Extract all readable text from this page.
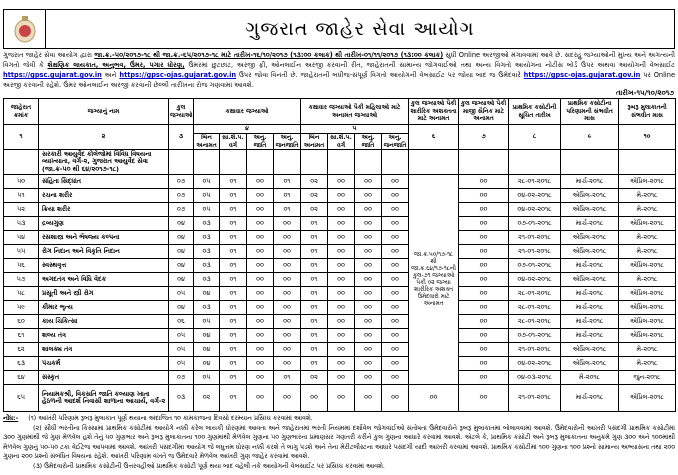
ગુજરાત જાહેર સેવા આયોગ
ગુજરાત જાહેર સેવા આયોગ દ્વારા જા.ક્ર.-૫૦/૨૦૧૭-૧૮ થી જા.ક્ર.-૬૫/૨૦૧૭-૧૮ માટે તારીખ-૧૬/૧૦/૨૦૧૭ (૧૩:૦૦ કલાક) થી તારીખ-૦૧/૧૧/૨૦૧૭ (૧૩:૦૦ કલાક) સુધી Online અરજીઓ મંગાવવામાં આવે છે. સદરહુ જગ્યાઓની મુખ્ય અને અગત્યની વિગતો જેવી કે શૈક્ષણિક લાયકાત, અનુભવ, ઉંમર, પગાર ધોરણ, ઉંમરમાં છુટછાટ, અરજી ફી, ઓનલાઈન અરજી કરવાની રીત, જાહેરાતની સામાન્ય જોગવાઈઓ તથા અન્ય વિગતો આયોગના નોટીસ બોર્ડ ઉપર અથવા આયોગની વેબસાઈટ https://gpsc.gujarat.gov.in અને https://gpsc-ojas.gujarat.gov.in ઉપર જોવા વિનંતી છે. જાહેરાતની બધીજ-સંપૂર્ણ વિગતો આયોગની વેબસાઈટ પર જોયા બાદ જ ઉમેદવારે https://gpsc-ojas.gujarat.gov.in પર Online અરજી કરવાની રહેશે. ઉંમર ઓનલાઈન અરજી કરવાની છેલ્લી તારીખના રોજ ગણવામાં આવશે.
તારીખ-૧૫/૧૦/૨૦૧૭
જાહેરાત ક્રમાંક	જગ્યાનું નામ	કુલ જગ્યાઓ	કક્ષાવાર જગ્યાઓ				કક્ષાવાર જગ્યાઓ પૈકી મહિલાઓ માટે અનામત જગ્યાઓ				કુલ જગ્યાઓ પૈકી શારીરિક અશક્તતા માટે અનામત	કુલ જગ્યાઓ પૈકી માજી સૈનિક માટે અનામત	પ્રાથમિક કસોટીની સૂચિત તારીખ	પ્રાથમિક કસોટીના પરિણામની સંભવીત માસ	રૂબરૂ મુલાકાતની સંભવીત માસ	

૧	૨	૩	૪				૫				૬	૭	૮	૯	૧૦	
			બિન અનામત	સા.શૈ.પ. વર્ગ	અનુ. જાતિ	અનુ. જનજાતિ	બિન અનામત	સા.શૈ.પ. વર્ગ	અનુ. જાતિ	અનુ. જનજાતિ						
	સરકારી આયુર્વેદ કોલેજોમાં વિવિધ વિષયના વ્યાખ્યાતા, વર્ગ-૨, ગુજરાત આયુર્વેદ સેવા (જા.ક્ર-૫૦ થી ૬૪/૨૦૧૭-૧૮)															
૫૦	સંહિતા સિદ્ધાંત	૦૭	૦૫	૦૧	૦૦	૦૧	૦૨	૦૦	૦૦	૦૦	જા.ક્ર.૫૦/૧૭-૧૮ થી જા.ક્ર.૬૪/૧૭-૧૮ની કુલ-૭૧ જગ્યાઓ પૈકી ૦૨ જગ્યા શારીરિક અશક્ત ઉમેદવારો માટે અનામત	૦૦	૨૮-૦૧-૨૦૧૮	માર્ચ-૨૦૧૮	એપ્રિલ-૨૦૧૮	
૫૧	રચના શરીર	૦૭	૦૫	૦૧	૦૦	૦૧	૦૨	૦૦	૦૦	૦૦		૦૦	૦૪-૦૨-૨૦૧૮	એપ્રિલ-૨૦૧૮	મે-૨૦૧૮	
૫૨	ક્રિયા શરીર	૦૭	૦૫	૦૧	૦૦	૦૧	૦૨	૦૦	૦૦	૦૦		૦૦	૦૪-૦૨-૨૦૧૮	એપ્રિલ-૨૦૧૮	મે-૨૦૧૮	
૫૩	દ્રવ્યગુણ	૦૪	૦૩	૦૧	૦૦	૦૦	૦૧	૦૦	૦૦	૦૦		૦૦	૦૭-૦૧-૨૦૧૮	માર્ચ-૨૦૧૮	એપ્રિલ-૨૦૧૮	
૫૪	રસશાસ્ત્ર અને ભૈષજ્ય કલ્પના	૦૪	૦૩	૦૧	૦૦	૦૦	૦૧	૦૦	૦૦	૦૦		૦૦	૨૧-૦૧-૨૦૧૮	એપ્રિલ-૨૦૧૮	મે-૨૦૧૮	
૫૫	રોગ નિદાન અને વિકૃતિ નિદાન	૦૪	૦૩	૦૧	૦૦	૦૦	૦૧	૦૦	૦૦	૦૦		૦૦	૨૧-૦૧-૨૦૧૮	એપ્રિલ-૨૦૧૮	મે-૨૦૧૮	
૫૬	સ્વસ્થવૃત્ત	૦૪	૦૩	૦૧	૦૦	૦૦	૦૧	૦૦	૦૦	૦૦		૦૦	૦૭-૦૧-૨૦૧૮	માર્ચ-૨૦૧૮	એપ્રિલ-૨૦૧૮	
૫૭	અગદતંત્ર અને વિધિ વૈદક	૦૪	૦૩	૦૧	૦૦	૦૦	૦૧	૦૦	૦૦	૦૦		૦૦	૦૪-૦૨-૨૦૧૮	એપ્રિલ-૨૦૧૮	મે-૨૦૧૮	
૫૮	પ્રસૂતી અને સ્ત્રી રોગ	૦૫	૦૪	૦૧	૦૦	૦૦	૦૧	૦૦	૦૦	૦૦		૦૦	૨૮-૦૧-૨૦૧૮	માર્ચ-૨૦૧૮	એપ્રિલ-૨૦૧૮	
૫૯	કૌમાર ભૃત્ય	૦૪	૦૩	૦૧	૦૦	૦૦	૦૧	૦૦	૦૦	૦૦		૦૦	૨૮-૦૧-૨૦૧૮	માર્ચ-૨૦૧૮	એપ્રિલ-૨૦૧૮	
૬૦	કાય ચિકિત્સા	૦૬	૦૫	૦૧	૦૦	૦૦	૦૧	૦૦	૦૦	૦૦		૦૦	૨૮-૦૧-૨૦૧૮	માર્ચ-૨૦૧૮	એપ્રિલ-૨૦૧૮	
૬૧	શલ્ય તંત્ર	૦૫	૦૪	૦૧	૦૦	૦૦	૦૧	૦૦	૦૦	૦૦		૦૦	૦૭-૦૧-૨૦૧૮	માર્ચ-૨૦૧૮	એપ્રિલ-૨૦૧૮	
૬૨	શાલક્ય તંત્ર	૦૫	૦૪	૦૧	૦૦	૦૦	૦૧	૦૦	૦૦	૦૦		૦૦	૨૧-૦૧-૨૦૧૮	એપ્રિલ-૨૦૧૮	મે-૨૦૧૮	
૬૩	પંચકર્મ	૦૫	૦૪	૦૧	૦૦	૦૦	૦૧	૦૦	૦૦	૦૦		૦૦	૦૪-૦૨-૨૦૧૮	એપ્રિલ-૨૦૧૮	મે-૨૦૧૮	
૬૪	સંસ્કૃત	૦૭	૦૫	૦૧	૦૦	૦૧	૦૨	૦૦	૦૦	૦૦		૦૦	૦૪-૦૩-૨૦૧૮	મે-૨૦૧૮	જુન-૨૦૧૮	
૬૫	નિયામકશ્રી, વિકસતિ જાતિ કલ્યાણ ખાતા હેઠળની આદર્શ નિવાસી શાળાના આચાર્ય, વર્ગ-૨	૦૩	૦૨	૦૧	૦૦	૦૦	૦૦	૦૦	૦૦	૦૦	૦૦	૦૦	૨૧-૦૧-૨૦૧૮	માર્ચ-૨૦૧૮	એપ્રિલ-૨૦૧૮	

નોંધ:- (૧) આખરી પરિણામ રૂબરૂ મુલાકાત પૂર્ણ થયાના અંદાજિત ૧૦ કામકાજના દિવસો દરમ્યાન પ્રસિધ્ધ કરવામાં આવશે.

(૨) સીધી ભરતીના કિસ્સામાં પ્રાથમિક કસોટીમાં આયોગે નક્કી કરેલ લાયકી ધોરણમાં આવતા અને જાહેરાતમાં ભરતી નિયમમાં દર્શાવેલ જોગવાઈઓ સંતોષતા ઉમેદવારોને રૂબરૂ મુલાકાતમાં બોલાવવામાં આવશે. ઉમેદવારોની આખરી પસંદગી પ્રાથમિક કસોટીમાં ૩૦૦ ગુણમાંથી જે ગુણ મેળવેલ હશે તેનું ૫૦ ગુણભાર અને રૂબરૂ મુલાકાતના ૧૦૦ ગુણમાંથી મેળવેલ ગુણના ૫૦ ગુણભારના પ્રમાણસર ગણતરી કરીને કુલ ગુણના આધારે કરવામાં આવશે. એટલે કે, પ્રાથમિક કસોટી અને રૂબરૂ મુલાકાતના અનુક્રમે ગુણ ૩૦૦ અને ૧૦૦માંથી મેળવેલ ગુણનું ૫૦-૫૦ ટકા વેઈટેજ આપવામાં આવશે. આખરી પસંદગીમાં આયોગ જે લઘુત્તમ ધોરણ નક્કી કરશે તે લાગુ પડશે અને તેના મેરીટલીસ્ટના આધારે પસંદગી યાદી આખરી કરવામાં આવશે. પ્રાથમિક કસોટીમાં ૧૦૦ ગુણના ૧૦૦ પ્રશ્નો સામાન્ય અભ્યાસના તથા ૨૦૦ ગુણના ૨૦૦ પ્રશ્નો સંબંધિત વિષયના રહેશે. આખરી પરિણામ વખતે જ ઉમેદવારે મેળવેલ આખરી ગુણ જાહેર કરવામાં આવશે.

(૩) ઉમેદવારોની પ્રાથમિક કસોટીની ઉત્તરવહીઓ પ્રાથમિક કસોટી પૂર્ણ થયા બાદ વહેલી તકે આયોગની વેબસાઈટ પર પ્રસિધ્ધ કરવામાં આવશે.
